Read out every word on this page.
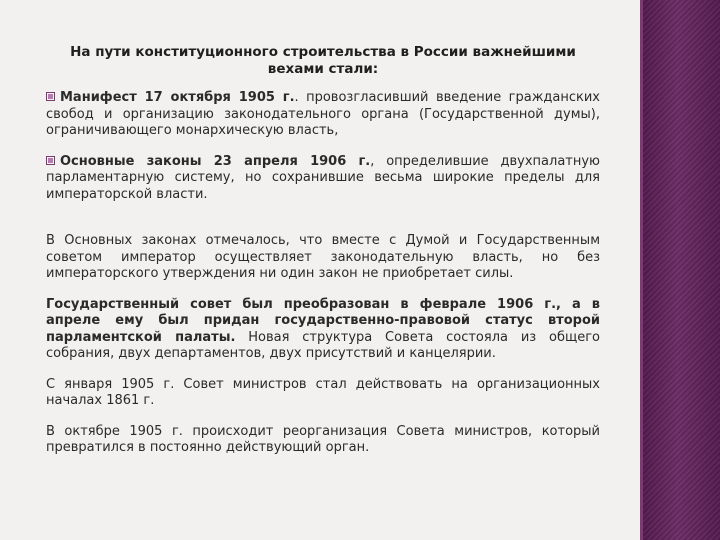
На пути конституционного строительства в России важнейшими вехами стали:

Манифест 17 октября 1905 г.. провозгласивший введение гражданских свобод и организацию законодательного органа (Государственной думы), ограничивающего монархическую власть,

Основные законы 23 апреля 1906 г., определившие двухпалатную парламентарную систему, но сохранившие весьма широкие пределы для императорской власти.

В Основных законах отмечалось, что вместе с Думой и Государственным советом император осуществляет законодательную власть, но без императорского утверждения ни один закон не приобретает силы.

Государственный совет был преобразован в феврале 1906 г., а в апреле ему был придан государственно-правовой статус второй парламентской палаты. Новая структура Совета состояла из общего собрания, двух департаментов, двух присутствий и канцелярии.

С января 1905 г. Совет министров стал действовать на организационных началах 1861 г.

В октябре 1905 г. происходит реорганизация Совета министров, который превратился в постоянно действующий орган.
